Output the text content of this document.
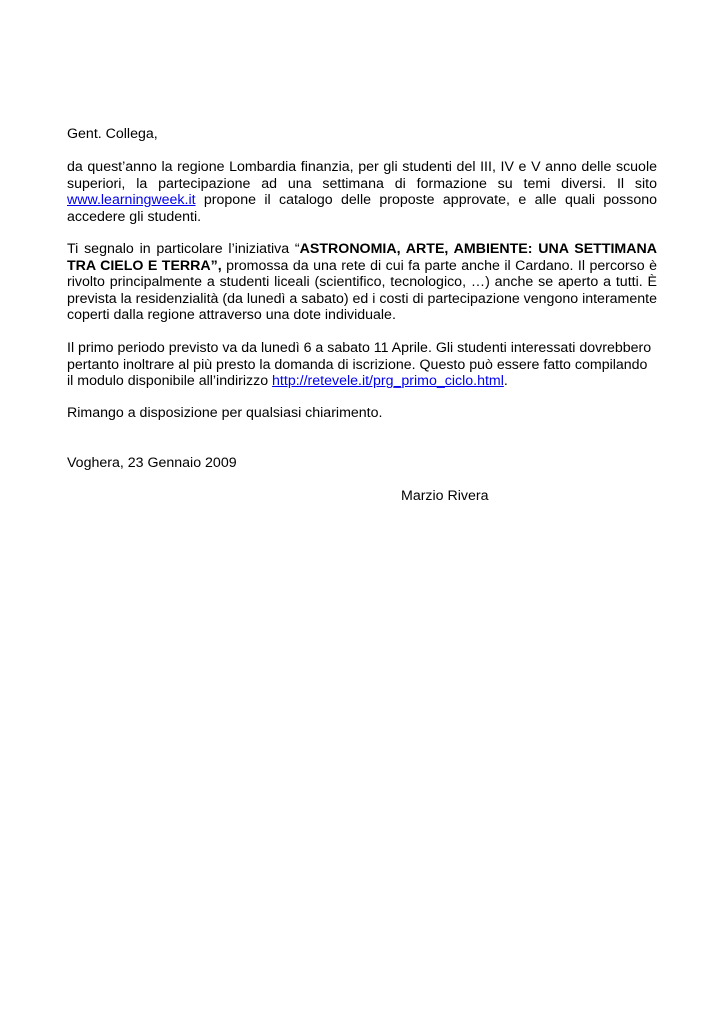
Gent. Collega,
da quest’anno la regione Lombardia finanzia, per gli studenti del III, IV e V anno delle scuole superiori, la partecipazione ad una settimana di formazione su temi diversi. Il sito www.learningweek.it propone il catalogo delle proposte approvate, e alle quali possono accedere gli studenti.
Ti segnalo in particolare l’iniziativa “ASTRONOMIA, ARTE, AMBIENTE: UNA SETTIMANA TRA CIELO E TERRA”, promossa da una rete di cui fa parte anche il Cardano. Il percorso è rivolto principalmente a studenti liceali (scientifico, tecnologico, …) anche se aperto a tutti. È prevista la residenzialità (da lunedì a sabato) ed i costi di partecipazione vengono interamente coperti dalla regione attraverso una dote individuale.
Il primo periodo previsto va da lunedì 6 a sabato 11 Aprile. Gli studenti interessati dovrebbero
pertanto inoltrare al più presto la domanda di iscrizione. Questo può essere fatto compilando
il modulo disponibile all’indirizzo http://retevele.it/prg_primo_ciclo.html.
Rimango a disposizione per qualsiasi chiarimento.
Voghera, 23 Gennaio 2009
Marzio Rivera
